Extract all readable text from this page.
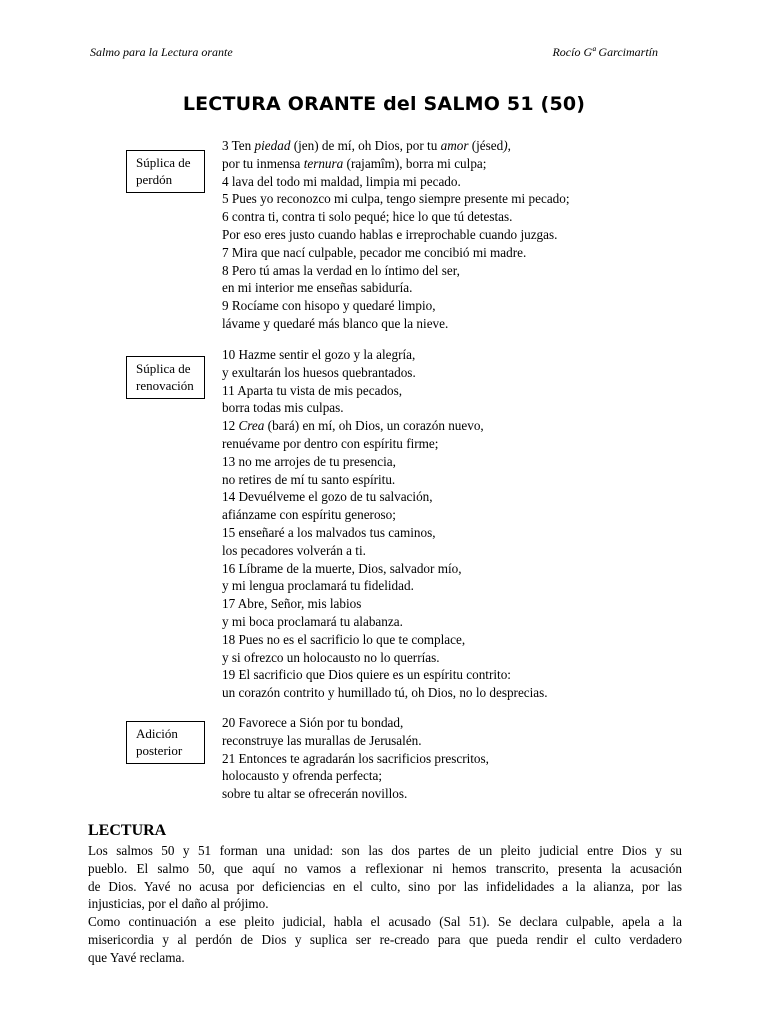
Salmo para la Lectura orante	Rocío Gª Garcimartín
LECTURA ORANTE del SALMO 51 (50)
Súplica de
perdón
3 Ten piedad (jen) de mí, oh Dios, por tu amor (jésed),
por tu inmensa ternura (rajamîm), borra mi culpa;
4 lava del todo mi maldad, limpia mi pecado.
5 Pues yo reconozco mi culpa, tengo siempre presente mi pecado;
6 contra ti, contra ti solo pequé; hice lo que tú detestas.
Por eso eres justo cuando hablas e irreprochable cuando juzgas.
7 Mira que nací culpable, pecador me concibió mi madre.
8 Pero tú amas la verdad en lo íntimo del ser,
en mi interior me enseñas sabiduría.
9 Rocíame con hisopo y quedaré limpio,
lávame y quedaré más blanco que la nieve.
Súplica de
renovación
10 Hazme sentir el gozo y la alegría,
y exultarán los huesos quebrantados.
11 Aparta tu vista de mis pecados,
borra todas mis culpas.
12 Crea (bará) en mí, oh Dios, un corazón nuevo,
renuévame por dentro con espíritu firme;
13 no me arrojes de tu presencia,
no retires de mí tu santo espíritu.
14 Devuélveme el gozo de tu salvación,
afiánzame con espíritu generoso;
15 enseñaré a los malvados tus caminos,
los pecadores volverán a ti.
16 Líbrame de la muerte, Dios, salvador mío,
y mi lengua proclamará tu fidelidad.
17 Abre, Señor, mis labios
y mi boca proclamará tu alabanza.
18 Pues no es el sacrificio lo que te complace,
y si ofrezco un holocausto no lo querrías.
19 El sacrificio que Dios quiere es un espíritu contrito:
un corazón contrito y humillado tú, oh Dios, no lo desprecias.
Adición
posterior
20 Favorece a Sión por tu bondad,
reconstruye las murallas de Jerusalén.
21 Entonces te agradarán los sacrificios prescritos,
holocausto y ofrenda perfecta;
sobre tu altar se ofrecerán novillos.
LECTURA
Los salmos 50 y 51 forman una unidad: son las dos partes de un pleito judicial entre Dios y su
pueblo. El salmo 50, que aquí no vamos a reflexionar ni hemos transcrito, presenta la acusación
de Dios. Yavé no acusa por deficiencias en el culto, sino por las infidelidades a la alianza, por las
injusticias, por el daño al prójimo.
Como continuación a ese pleito judicial, habla el acusado (Sal 51). Se declara culpable, apela a la
misericordia y al perdón de Dios y suplica ser re-creado para que pueda rendir el culto verdadero
que Yavé reclama.
